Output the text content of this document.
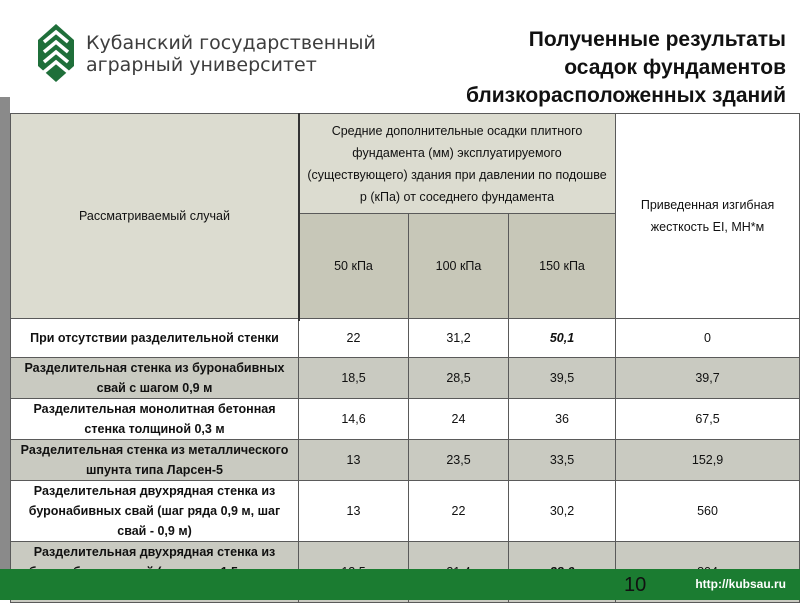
Кубанский государственный
аграрный университет
Полученные результаты
осадок фундаментов
близкорасположенных зданий
Рассматриваемый случай	Средние дополнительные осадки плитного фундамента (мм) эксплуатируемого (существующего) здания при давлении по подошве р (кПа) от соседнего фундамента			Приведенная изгибная жесткость EI, МН*м
	50 кПа	100 кПа	150 кПа	
При отсутствии разделительной стенки	22	31,2	50,1	0
Разделительная стенка из буронабивных свай с шагом 0,9 м	18,5	28,5	39,5	39,7
Разделительная монолитная бетонная стенка толщиной 0,3 м	14,6	24	36	67,5
Разделительная стенка из металлического шпунта типа Ларсен-5	13	23,5	33,5	152,9
Разделительная двухрядная стенка из буронабивных свай (шаг ряда 0,9 м, шаг свай - 0,9 м)	13	22	30,2	560
Разделительная двухрядная стенка из				
10	http://kubsau.ru
